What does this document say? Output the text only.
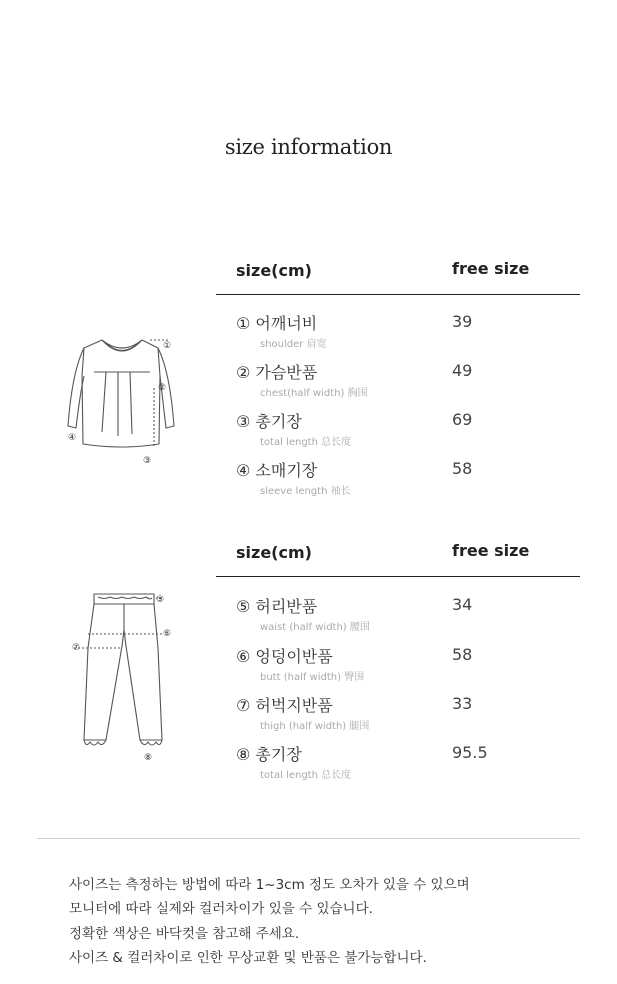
size information
size(cm)	free size
① 어깨너비
shoulder 肩宽
39
② 가슴반품
chest(half width) 胸围
49
③ 총기장
total length 总长度
69
④ 소매기장
sleeve length 袖长
58
①
②
③
④
size(cm)	free size
⑤ 허리반품
waist (half width) 腰围
34
⑥ 엉덩이반품
butt (half width) 臀围
58
⑦ 허벅지반품
thigh (half width) 腿围
33
⑧ 총기장
total length 总长度
95.5
⑤
⑥
⑦
⑧

사이즈는 측정하는 방법에 따라 1~3cm 정도 오차가 있을 수 있으며

모니터에 따라 실제와 컬러차이가 있을 수 있습니다.

정확한 색상은 바닥컷을 참고해 주세요.

사이즈 & 컬러차이로 인한 무상교환 및 반품은 불가능합니다.
